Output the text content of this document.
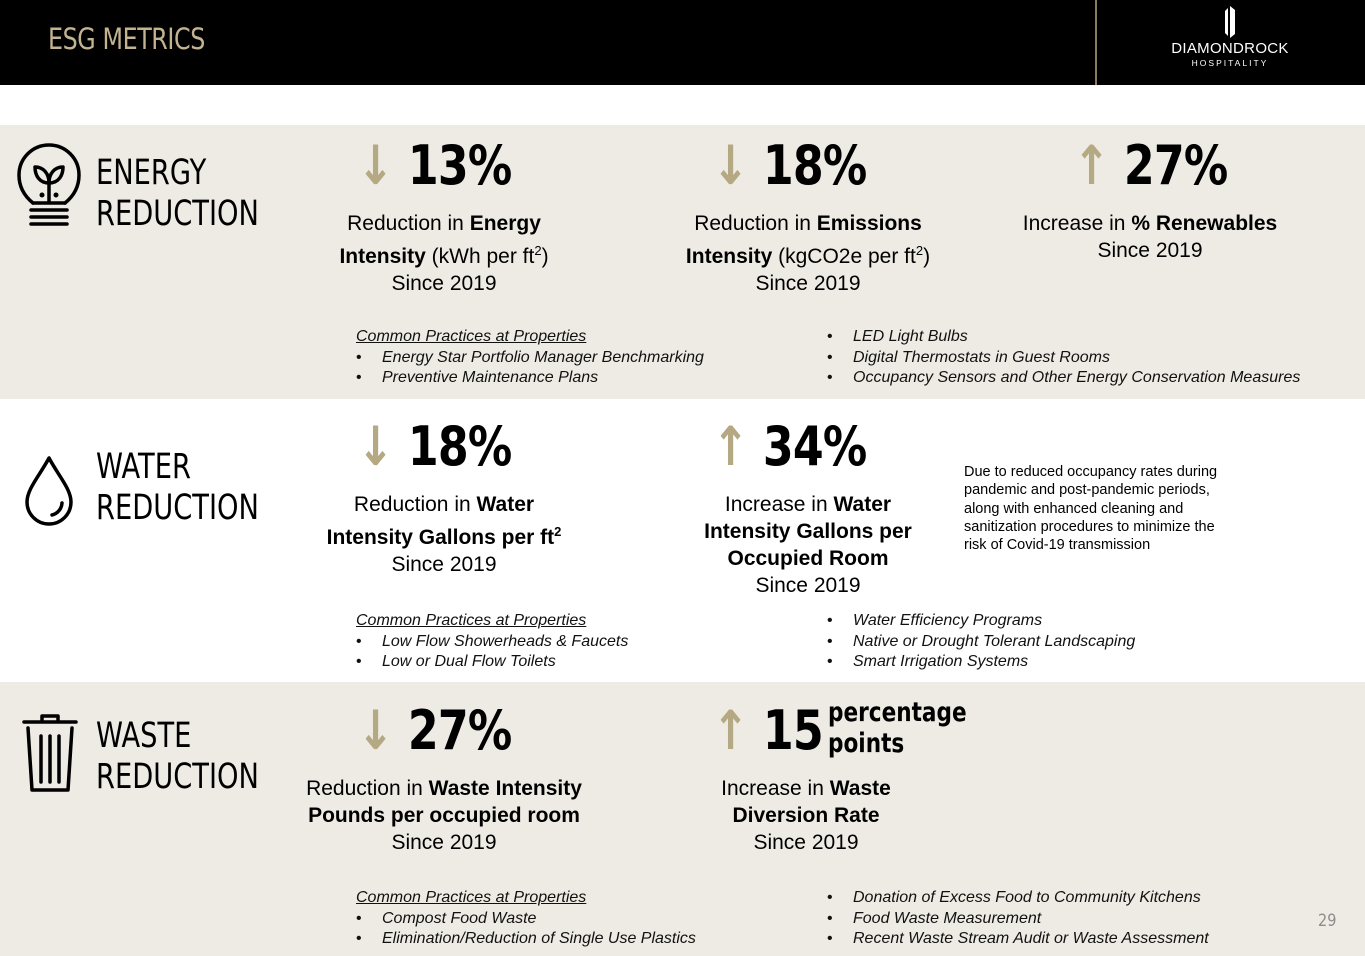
ESG METRICS	DIAMONDROCK
HOSPITALITY
ENERGY
REDUCTION
↓ 13%
Reduction in Energy
Intensity (kWh per $ft^2$)
Since 2019
↓ 18%
Reduction in Emissions
Intensity (kgCO2e per $ft^2$)
Since 2019
↑ 27%
Increase in % Renewables
Since 2019
Common Practices at Properties
• Energy Star Portfolio Manager Benchmarking
• Preventive Maintenance Plans
• LED Light Bulbs
• Digital Thermostats in Guest Rooms
• Occupancy Sensors and Other Energy Conservation Measures
WATER
REDUCTION
↓ 18%
Reduction in Water
Intensity Gallons per $ft^2$
Since 2019
↑ 34%
Increase in Water
Intensity Gallons per
Occupied Room
Since 2019
Due to reduced occupancy rates during pandemic and post-pandemic periods, along with enhanced cleaning and sanitization procedures to minimize the risk of Covid-19 transmission
Common Practices at Properties
• Low Flow Showerheads & Faucets
• Low or Dual Flow Toilets
• Water Efficiency Programs
• Native or Drought Tolerant Landscaping
• Smart Irrigation Systems
WASTE
REDUCTION
↓ 27%
Reduction in Waste Intensity
Pounds per occupied room
Since 2019
↑ 15 percentage
points
Increase in Waste
Diversion Rate
Since 2019
Common Practices at Properties
• Compost Food Waste
• Elimination/Reduction of Single Use Plastics
• Donation of Excess Food to Community Kitchens
• Food Waste Measurement
• Recent Waste Stream Audit or Waste Assessment
29
